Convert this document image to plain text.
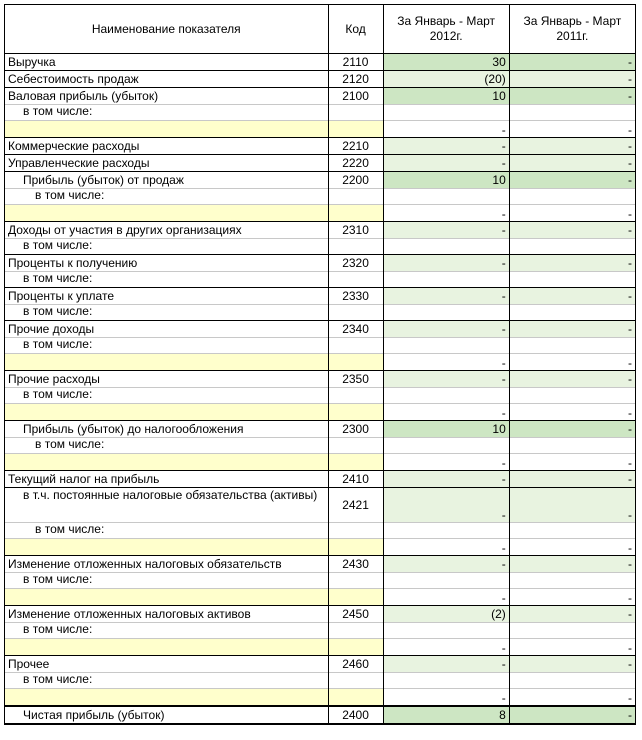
Наименование показателя	Код	За Январь - Март 2012г.	За Январь - Март 2011г.
Выручка	2110	30	-
Себестоимость продаж	2120	(20)	-
Валовая прибыль (убыток)	2100	10	-
в том числе:			
		-	-
Коммерческие расходы	2210	-	-
Управленческие расходы	2220	-	-
Прибыль (убыток) от продаж	2200	10	-
в том числе:			
		-	-
Доходы от участия в других организациях	2310	-	-
в том числе:			
Проценты к получению	2320	-	-
в том числе:			
Проценты к уплате	2330	-	-
в том числе:			
Прочие доходы	2340	-	-
в том числе:			
		-	-
Прочие расходы	2350	-	-
в том числе:			
		-	-
Прибыль (убыток) до налогообложения	2300	10	-
в том числе:			
		-	-
Текущий налог на прибыль	2410	-	-
в т.ч. постоянные налоговые обязательства (активы)	2421	-	-
в том числе:			
		-	-
Изменение отложенных налоговых обязательств	2430	-	-
в том числе:			
		-	-
Изменение отложенных налоговых активов	2450	(2)	-
в том числе:			
		-	-
Прочее	2460	-	-
в том числе:			
		-	-
Чистая прибыль (убыток)	2400	8	-
